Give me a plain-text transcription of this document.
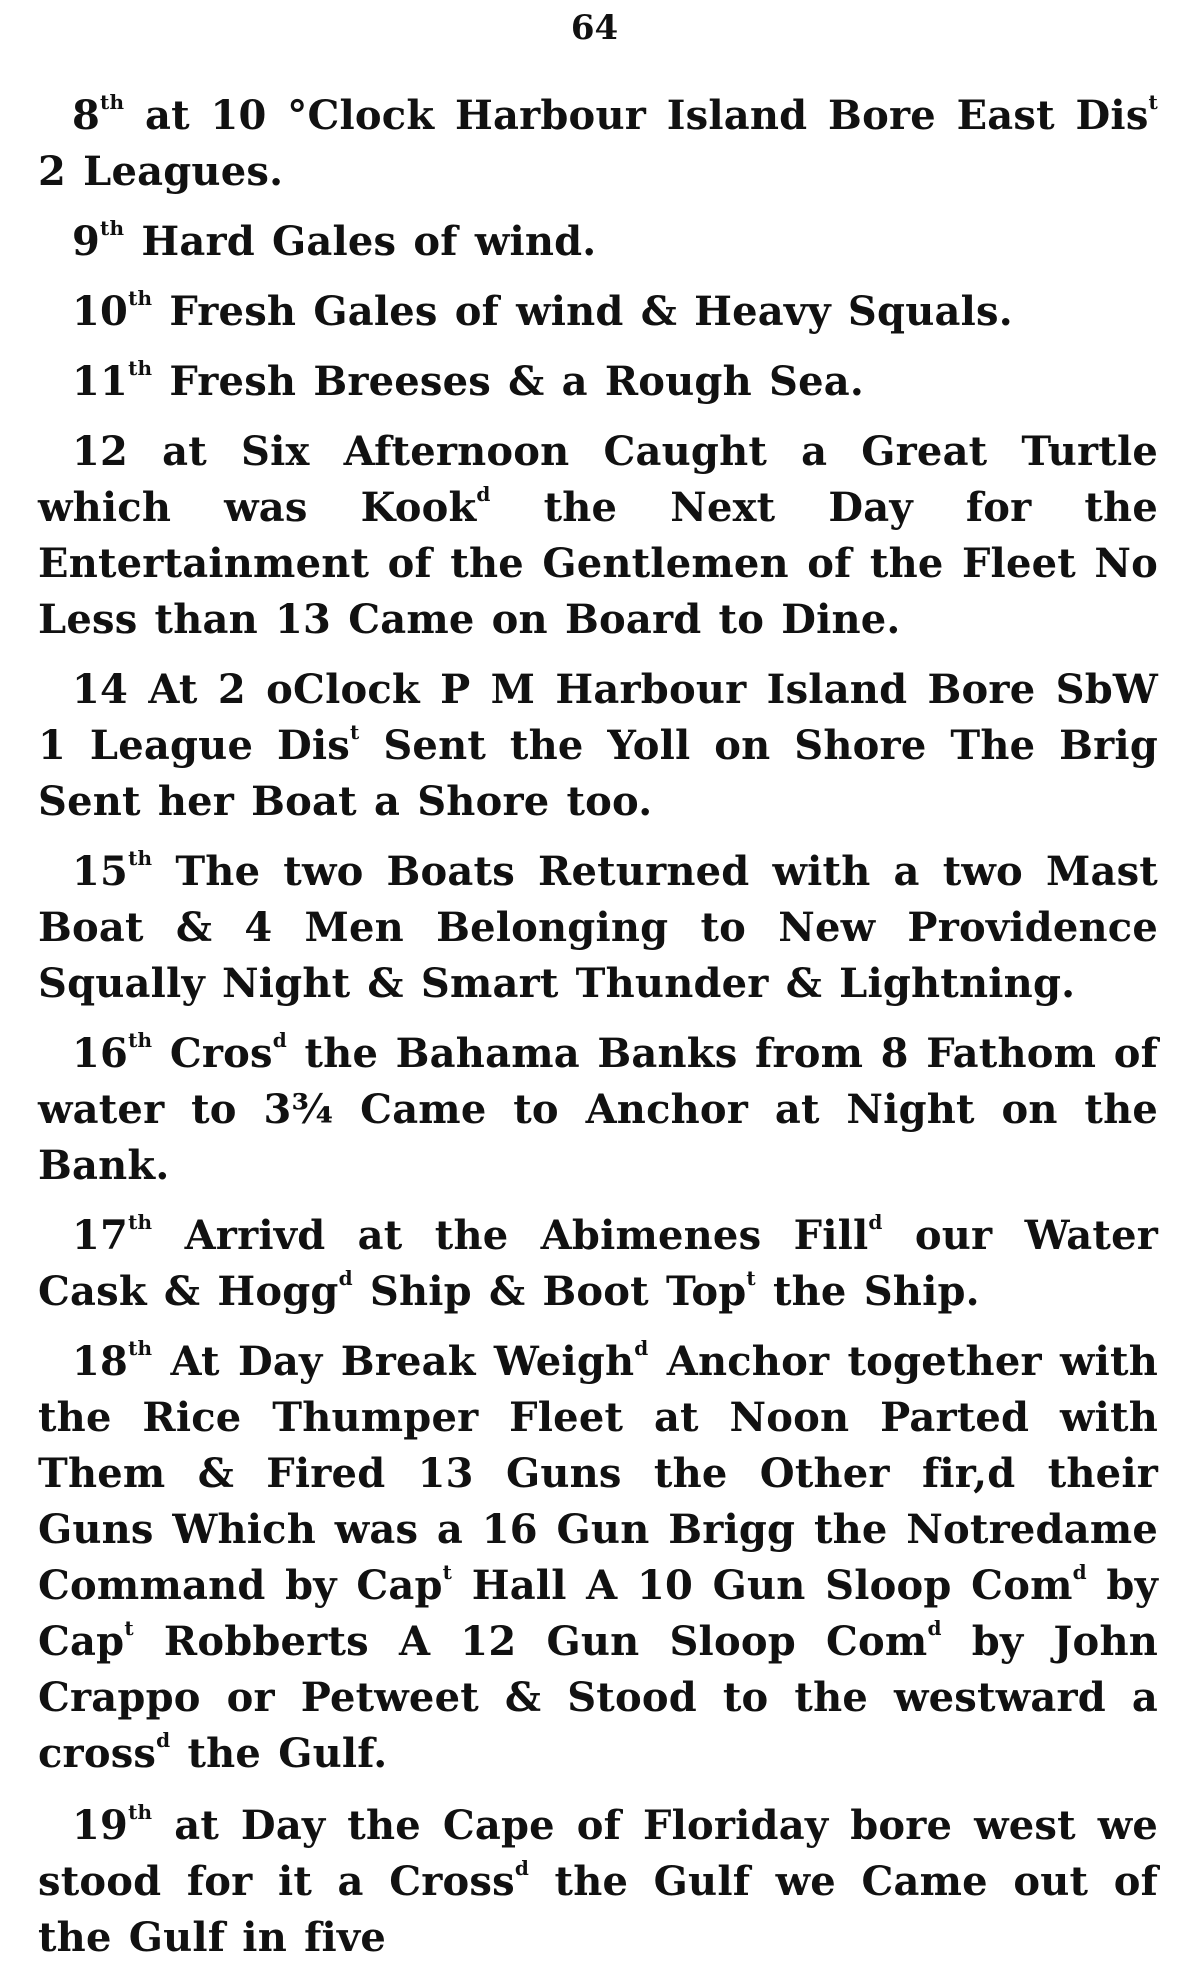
64

8th at 10 °Clock Harbour Island Bore East Dis$^t$ 2 Leagues.

9th Hard Gales of wind.

10th Fresh Gales of wind & Heavy Squals.

11th Fresh Breeses & a Rough Sea.

12 at Six Afternoon Caught a Great Turtle which was Kook$^d$ the Next Day for the Entertainment of the Gentlemen of the Fleet No Less than 13 Came on Board to Dine.

14 At 2 oClock P M Harbour Island Bore SbW 1 League Dis$^t$ Sent the Yoll on Shore The Brig Sent her Boat a Shore too.

15th The two Boats Returned with a two Mast Boat & 4 Men Belonging to New Providence Squally Night & Smart Thunder & Lightning.

16th Cros$^d$ the Bahama Banks from 8 Fathom of water to 3¾ Came to Anchor at Night on the Bank.

17th Arrivd at the Abimenes Fill$^d$ our Water Cask & Hogg$^d$ Ship & Boot Top$^t$ the Ship.

18th At Day Break Weigh$^d$ Anchor together with the Rice Thumper Fleet at Noon Parted with Them & Fired 13 Guns the Other fir,d their Guns Which was a 16 Gun Brigg the Notredame Command by Cap$^t$ Hall A 10 Gun Sloop Com$^d$ by Cap$^t$ Robberts A 12 Gun Sloop Com$^d$ by John Crappo or Petweet & Stood to the westward a cross$^d$ the Gulf.

19th at Day the Cape of Floriday bore west we stood for it a Cross$^d$ the Gulf we Came out of the Gulf in five
